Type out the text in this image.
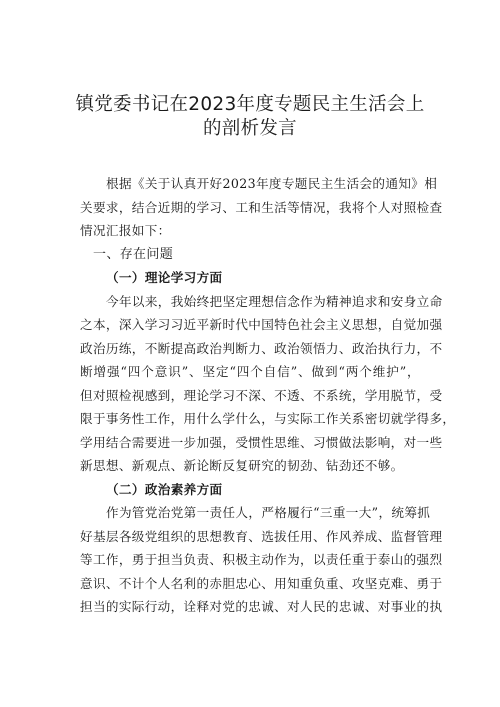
镇党委书记在2023年度专题民主生活会上
的剖析发言
根据《关于认真开好2023年度专题民主生活会的通知》相
关要求，结合近期的学习、工和生活等情况，我将个人对照检查
情况汇报如下：
一、存在问题
（一）理论学习方面
今年以来，我始终把坚定理想信念作为精神追求和安身立命
之本，深入学习习近平新时代中国特色社会主义思想，自觉加强
政治历练，不断提高政治判断力、政治领悟力、政治执行力，不
断增强“四个意识”、坚定“四个自信”、做到“两个维护”，
但对照检视感到，理论学习不深、不透、不系统，学用脱节，受
限于事务性工作，用什么学什么，与实际工作关系密切就学得多，
学用结合需要进一步加强，受惯性思维、习惯做法影响，对一些
新思想、新观点、新论断反复研究的韧劲、钻劲还不够。
（二）政治素养方面
作为管党治党第一责任人，严格履行“三重一大”，统筹抓
好基层各级党组织的思想教育、选拔任用、作风养成、监督管理
等工作，勇于担当负责、积极主动作为，以责任重于泰山的强烈
意识、不计个人名利的赤胆忠心、用知重负重、攻坚克难、勇于
担当的实际行动，诠释对党的忠诚、对人民的忠诚、对事业的执
